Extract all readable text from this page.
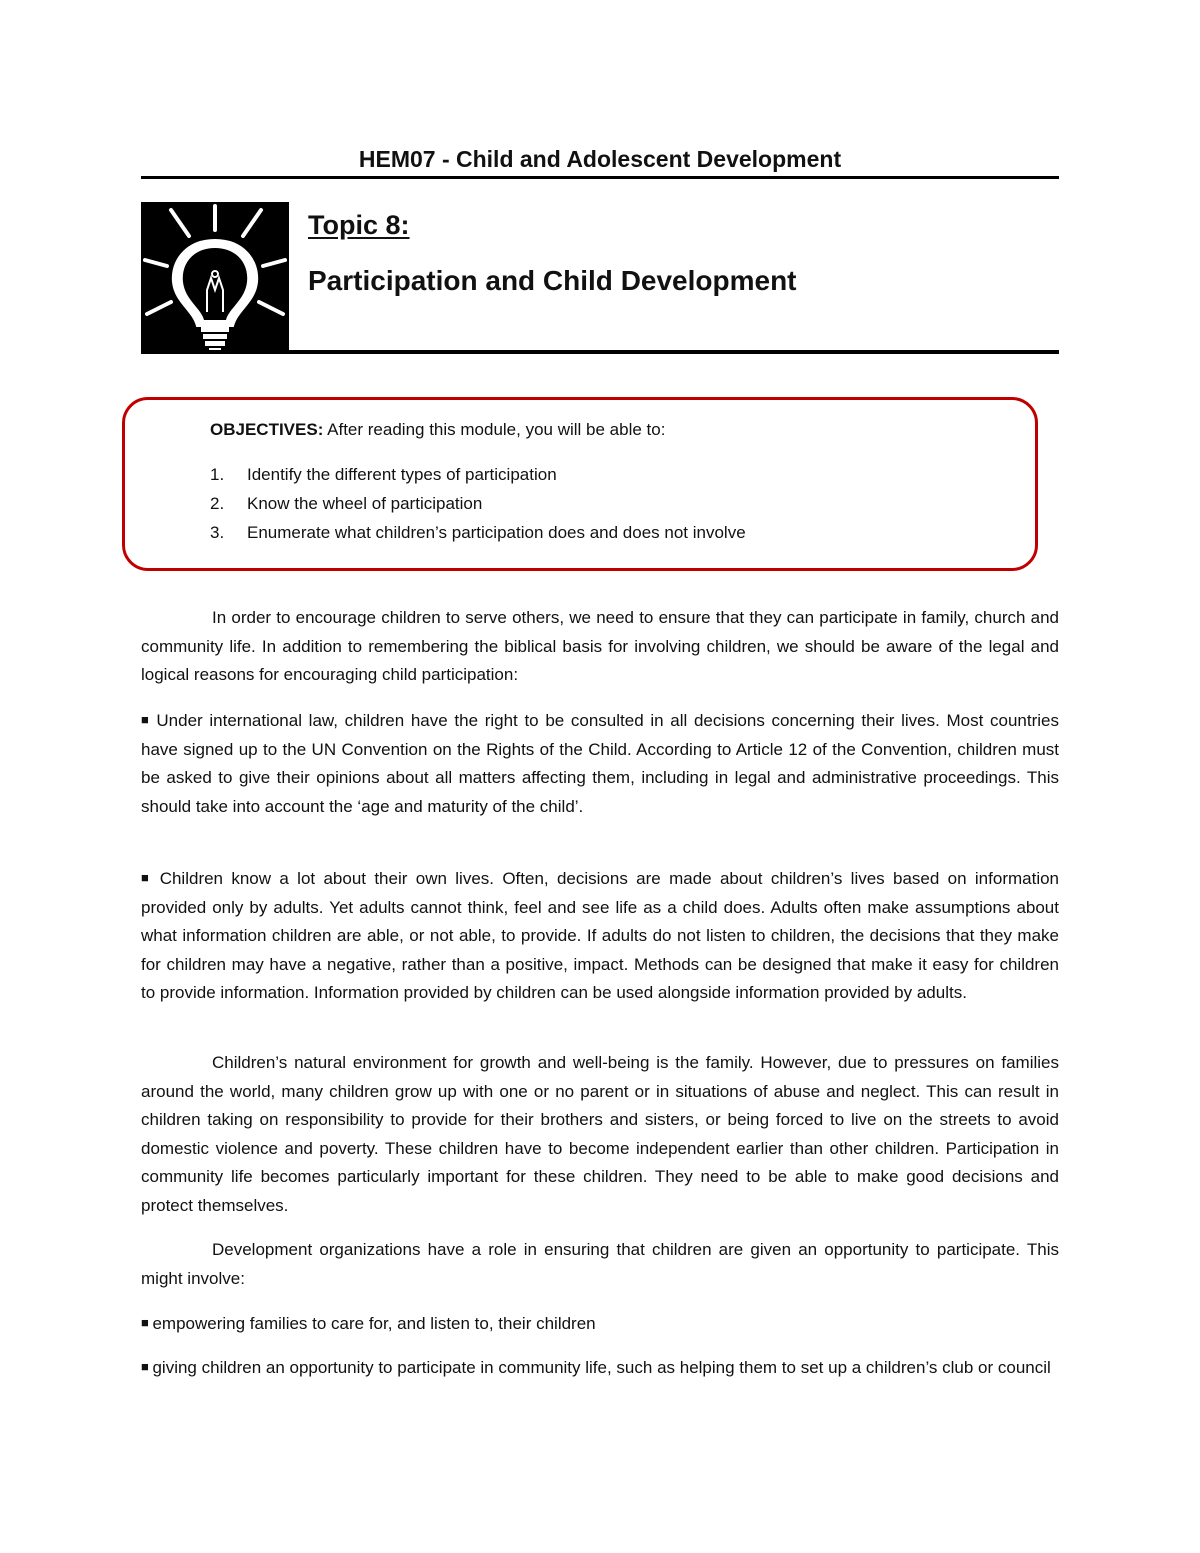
HEM07 - Child and Adolescent Development
Topic 8:
Participation and Child Development

OBJECTIVES: After reading this module, you will be able to:

1. Identify the different types of participation
2. Know the wheel of participation
3. Enumerate what children’s participation does and does not involve

In order to encourage children to serve others, we need to ensure that they can participate in family, church and community life. In addition to remembering the biblical basis for involving children, we should be aware of the legal and logical reasons for encouraging child participation:

■ Under international law, children have the right to be consulted in all decisions concerning their lives. Most countries have signed up to the UN Convention on the Rights of the Child. According to Article 12 of the Convention, children must be asked to give their opinions about all matters affecting them, including in legal and administrative proceedings. This should take into account the ‘age and maturity of the child’.

■ Children know a lot about their own lives. Often, decisions are made about children’s lives based on information provided only by adults. Yet adults cannot think, feel and see life as a child does. Adults often make assumptions about what information children are able, or not able, to provide. If adults do not listen to children, the decisions that they make for children may have a negative, rather than a positive, impact. Methods can be designed that make it easy for children to provide information. Information provided by children can be used alongside information provided by adults.

Children’s natural environment for growth and well-being is the family. However, due to pressures on families around the world, many children grow up with one or no parent or in situations of abuse and neglect. This can result in children taking on responsibility to provide for their brothers and sisters, or being forced to live on the streets to avoid domestic violence and poverty. These children have to become independent earlier than other children. Participation in community life becomes particularly important for these children. They need to be able to make good decisions and protect themselves.

Development organizations have a role in ensuring that children are given an opportunity to participate. This might involve:

■ empowering families to care for, and listen to, their children

■ giving children an opportunity to participate in community life, such as helping them to set up a children’s club or council
